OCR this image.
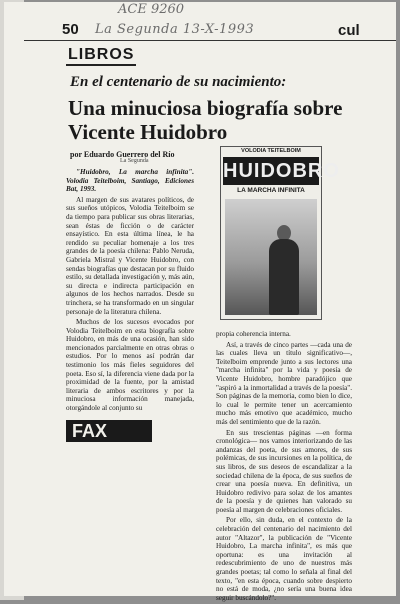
ACE 9260
La Segunda 13-X-1993
50	cul
LIBROS
En el centenario de su nacimiento:
Una minuciosa biografía sobre Vicente Huidobro
por Eduardo Guerrero del Río
La Segunda

"Huidobro, La marcha infinita". Volodia Teitelboim, Santiago, Ediciones Bat, 1993.

Al margen de sus avatares políticos, de sus sueños utópicos, Volodia Teitelboim se da tiempo para publicar sus obras literarias, sean éstas de ficción o de carácter ensayístico. En esta última línea, le ha rendido su peculiar homenaje a los tres grandes de la poesía chilena: Pablo Neruda, Gabriela Mistral y Vicente Huidobro, con sendas biografías que destacan por su fluido estilo, su detallada investigación y, más aún, su directa e indirecta participación en algunos de los hechos narrados. Desde su trinchera, se ha transformado en un singular personaje de la literatura chilena.

Muchos de los sucesos evocados por Volodia Teitelboim en esta biografía sobre Huidobro, en más de una ocasión, han sido mencionados parcialmente en otras obras o estudios. Por lo menos así podrán dar testimonio los más fieles seguidores del poeta. Eso sí, la diferencia viene dada por la proximidad de la fuente, por la amistad literaria de ambos escritores y por la minuciosa información manejada, otorgándole al conjunto su

VOLODIA TEITELBOIM
HUIDOBRO
LA MARCHA INFINITA

propia coherencia interna.

Así, a través de cinco partes —cada una de las cuales lleva un título significativo—, Teitelboim emprende junto a sus lectores una "marcha infinita" por la vida y poesía de Vicente Huidobro, hombre paradójico que "aspiró a la inmortalidad a través de la poesía". Son páginas de la memoria, como bien lo dice, lo cual le permite tener un acercamiento mucho más emotivo que académico, mucho más del sentimiento que de la razón.

En sus trescientas páginas —en forma cronológica— nos vamos interiorizando de las andanzas del poeta, de sus amores, de sus polémicas, de sus incursiones en la política, de sus libros, de sus deseos de escandalizar a la sociedad chilena de la época, de sus sueños de crear una poesía nueva. En definitiva, un Huidobro redivivo para solaz de los amantes de la poesía y de quienes han valorado su poesía al margen de celebraciones oficiales.

Por ello, sin duda, en el contexto de la celebración del centenario del nacimiento del autor "Altazor", la publicación de "Vicente Huidobro, La marcha infinita", es más que oportuna: es una invitación al redescubrimiento de uno de nuestros más grandes poetas; tal como lo señala al final del texto, "en esta época, cuando sobre despierto no está de moda, ¿no sería una buena idea seguir buscándolo?".

FAX
